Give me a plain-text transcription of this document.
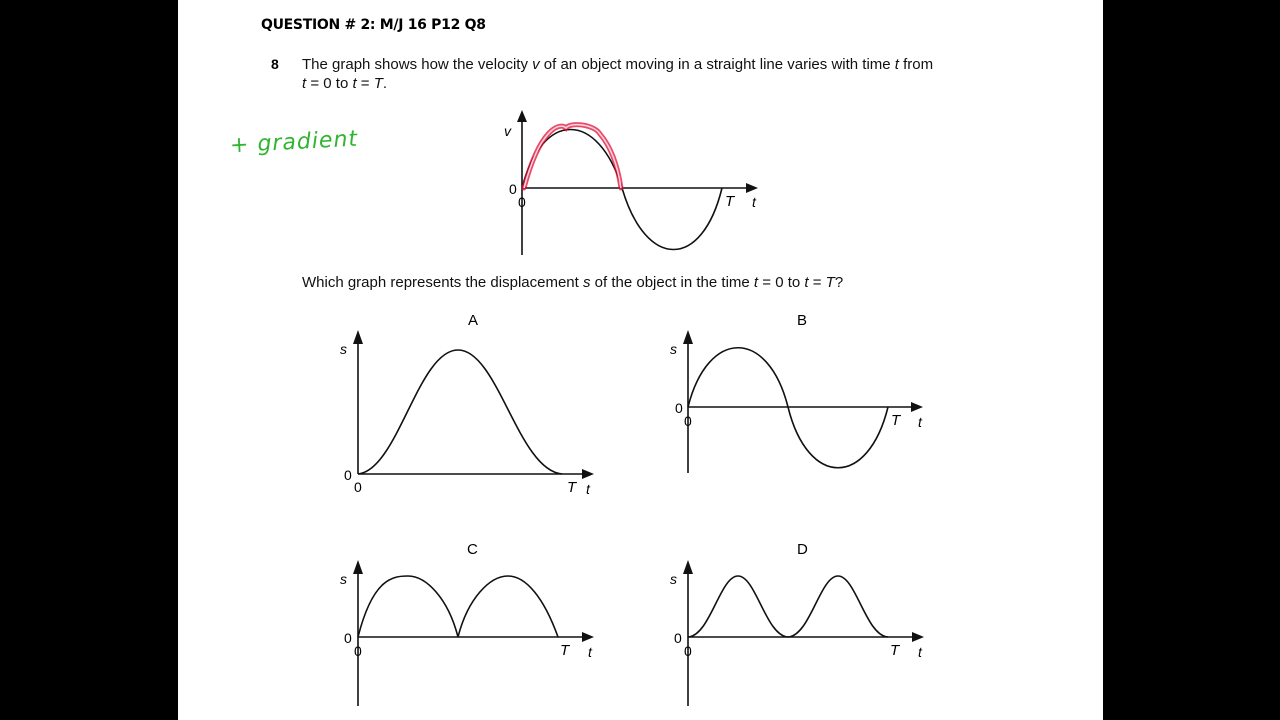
QUESTION # 2: M/J 16 P12 Q8
8 The graph shows how the velocity v of an object moving in a straight line varies with time t from
t = 0 to t = T.
+ gradient	v
0
0	T t
Which graph represents the displacement s of the object in the time t = 0 to t = T?
A
s
0
0	T t
B
s
0
0	T t
C
s
0
0	T t
D
s
0
0	T t
